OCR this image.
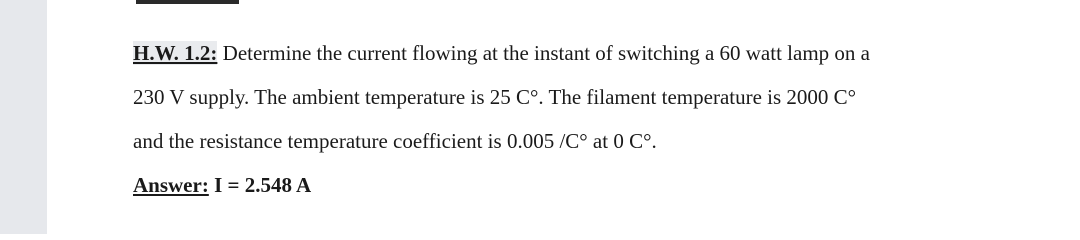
H.W. 1.2: Determine the current flowing at the instant of switching a 60 watt lamp on a
230 V supply. The ambient temperature is 25 C°. The filament temperature is 2000 C°
and the resistance temperature coefficient is 0.005 /C° at 0 C°.
Answer: I = 2.548 A
